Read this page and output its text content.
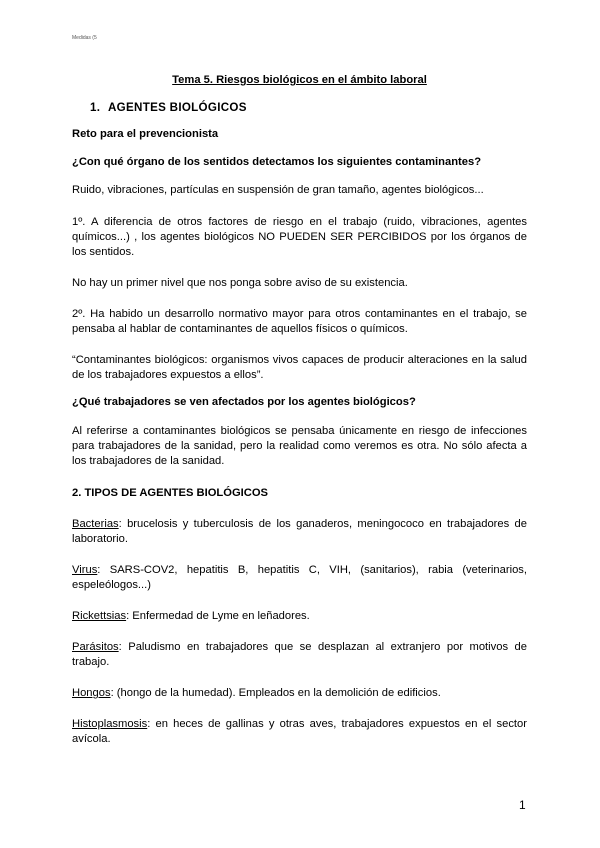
Medidas (5

Tema 5. Riesgos biológicos en el ámbito laboral

1. AGENTES BIOLÓGICOS

Reto para el prevencionista

¿Con qué órgano de los sentidos detectamos los siguientes contaminantes?

Ruido, vibraciones, partículas en suspensión de gran tamaño, agentes biológicos...

1º. A diferencia de otros factores de riesgo en el trabajo (ruido, vibraciones, agentes químicos...) , los agentes biológicos NO PUEDEN SER PERCIBIDOS por los órganos de los sentidos.

No hay un primer nivel que nos ponga sobre aviso de su existencia.

2º. Ha habido un desarrollo normativo mayor para otros contaminantes en el trabajo, se pensaba al hablar de contaminantes de aquellos físicos o químicos.

“Contaminantes biológicos: organismos vivos capaces de producir alteraciones en la salud de los trabajadores expuestos a ellos”.

¿Qué trabajadores se ven afectados por los agentes biológicos?

Al referirse a contaminantes biológicos se pensaba únicamente en riesgo de infecciones para trabajadores de la sanidad, pero la realidad como veremos es otra. No sólo afecta a los trabajadores de la sanidad.

2. TIPOS DE AGENTES BIOLÓGICOS

Bacterias: brucelosis y tuberculosis de los ganaderos, meningococo en trabajadores de laboratorio.

Virus: SARS-COV2, hepatitis B, hepatitis C, VIH, (sanitarios), rabia (veterinarios, espeleólogos...)

Rickettsias: Enfermedad de Lyme en leñadores.

Parásitos: Paludismo en trabajadores que se desplazan al extranjero por motivos de trabajo.

Hongos: (hongo de la humedad). Empleados en la demolición de edificios.

Histoplasmosis: en heces de gallinas y otras aves, trabajadores expuestos en el sector avícola.

1
